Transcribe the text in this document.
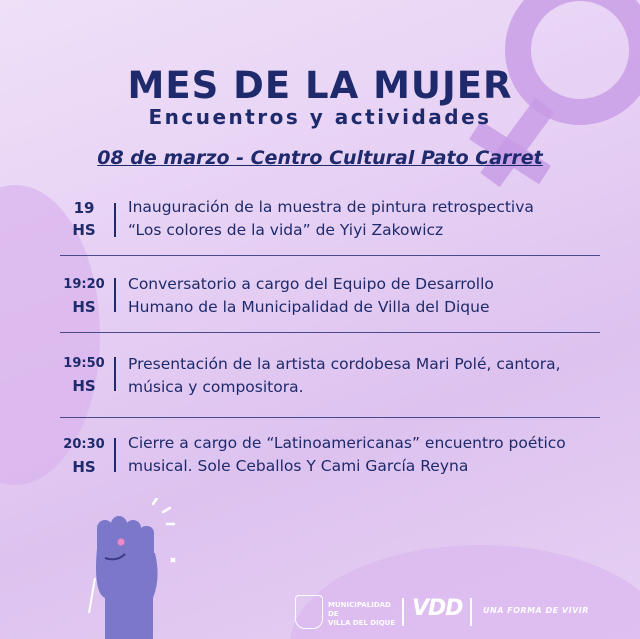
MES DE LA MUJER
Encuentros y actividades
08 de marzo - Centro Cultural Pato Carret
19
HS
Inauguración de la muestra de pintura retrospectiva
“Los colores de la vida” de Yiyi Zakowicz
19:20
HS
Conversatorio a cargo del Equipo de Desarrollo
Humano de la Municipalidad de Villa del Dique
19:50
HS
Presentación de la artista cordobesa Mari Polé, cantora,
música y compositora.
20:30
HS
Cierre a cargo de “Latinoamericanas” encuentro poético
musical. Sole Ceballos Y Cami García Reyna
MUNICIPALIDAD DE
VILLA DEL DIQUE
VDD	UNA FORMA DE VIVIR
